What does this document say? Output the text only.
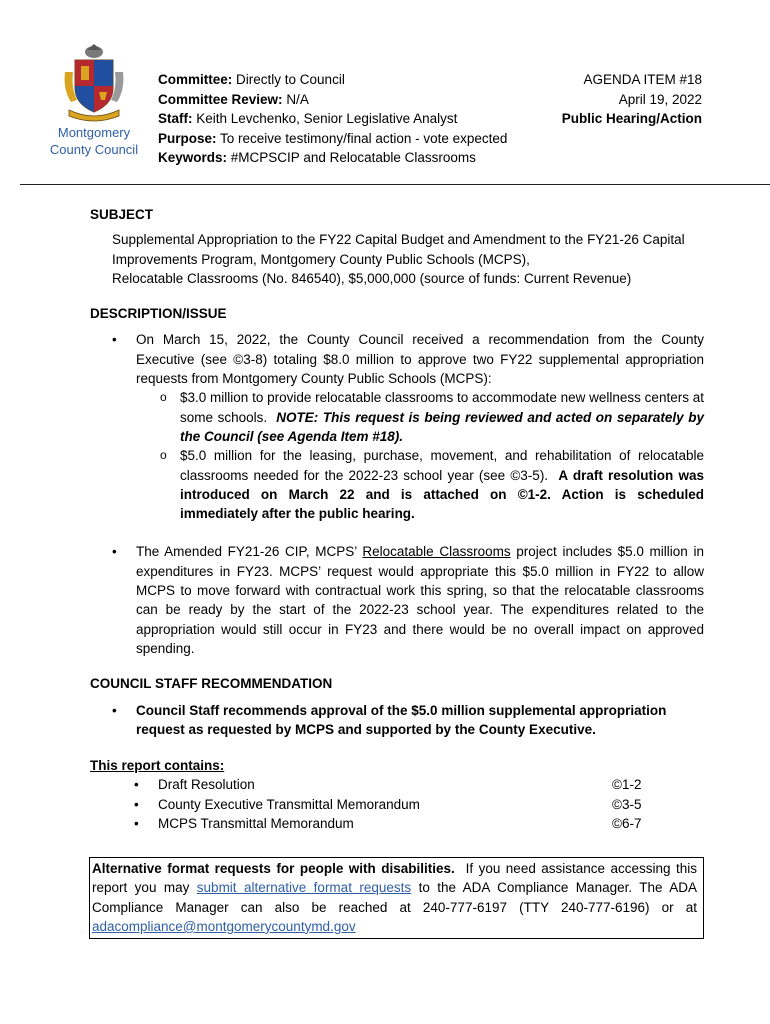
Montgomery
County Council
Committee: Directly to Council
Committee Review: N/A
Staff: Keith Levchenko, Senior Legislative Analyst
Purpose: To receive testimony/final action - vote expected
Keywords: #MCPSCIP and Relocatable Classrooms
AGENDA ITEM #18
April 19, 2022
Public Hearing/Action

SUBJECT

Supplemental Appropriation to the FY22 Capital Budget and Amendment to the FY21-26 Capital
Improvements Program, Montgomery County Public Schools (MCPS),
Relocatable Classrooms (No. 846540), $5,000,000 (source of funds: Current Revenue)

DESCRIPTION/ISSUE

• On March 15, 2022, the County Council received a recommendation from the County Executive (see ©3-8) totaling $8.0 million to approve two FY22 supplemental appropriation requests from Montgomery County Public Schools (MCPS):
o $3.0 million to provide relocatable classrooms to accommodate new wellness centers at some schools. NOTE: This request is being reviewed and acted on separately by the Council (see Agenda Item #18).
o $5.0 million for the leasing, purchase, movement, and rehabilitation of relocatable classrooms needed for the 2022-23 school year (see ©3-5). A draft resolution was introduced on March 22 and is attached on ©1-2. Action is scheduled immediately after the public hearing.
• The Amended FY21-26 CIP, MCPS’ Relocatable Classrooms project includes $5.0 million in expenditures in FY23. MCPS’ request would appropriate this $5.0 million in FY22 to allow MCPS to move forward with contractual work this spring, so that the relocatable classrooms can be ready by the start of the 2022-23 school year. The expenditures related to the appropriation would still occur in FY23 and there would be no overall impact on approved spending.

COUNCIL STAFF RECOMMENDATION

• Council Staff recommends approval of the $5.0 million supplemental appropriation request as requested by MCPS and supported by the County Executive.
This report contains:
• Draft Resolution	©1-2
• County Executive Transmittal Memorandum	©3-5
• MCPS Transmittal Memorandum	©6-7
Alternative format requests for people with disabilities. If you need assistance accessing this report you may submit alternative format requests to the ADA Compliance Manager. The ADA Compliance Manager can also be reached at 240-777-6197 (TTY 240-777-6196) or at adacompliance@montgomerycountymd.gov
